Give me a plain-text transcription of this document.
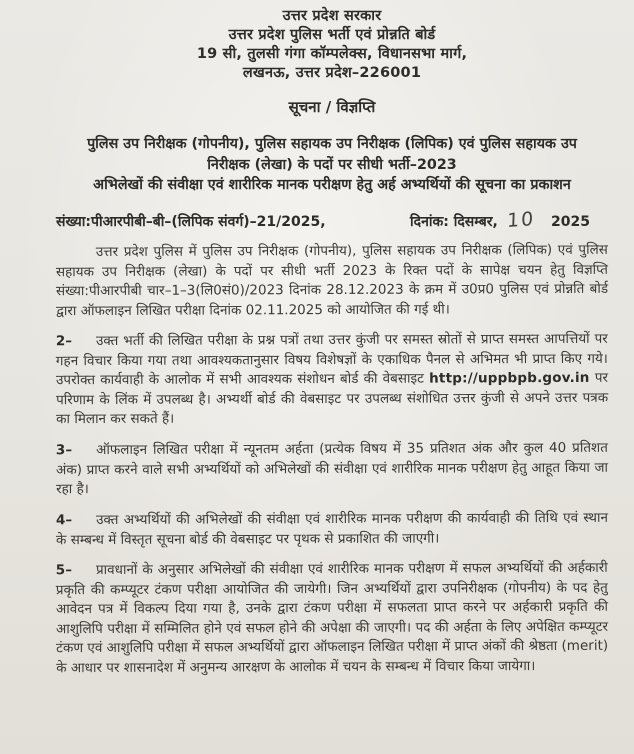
उत्तर प्रदेश सरकार
उत्तर प्रदेश पुलिस भर्ती एवं प्रोन्नति बोर्ड
19 सी, तुलसी गंगा कॉम्पलेक्स, विधानसभा मार्ग,
लखनऊ, उत्तर प्रदेश–226001
सूचना / विज्ञप्ति
पुलिस उप निरीक्षक (गोपनीय), पुलिस सहायक उप निरीक्षक (लिपिक) एवं पुलिस सहायक उप
निरीक्षक (लेखा) के पदों पर सीधी भर्ती–2023
अभिलेखों की संवीक्षा एवं शारीरिक मानक परीक्षण हेतु अर्ह अभ्यर्थियों की सूचना का प्रकाशन
संख्या:पीआरपीबी–बी–(लिपिक संवर्ग)–21/2025,	दिनांक: दिसम्बर, 10 2025

उत्तर प्रदेश पुलिस में पुलिस उप निरीक्षक (गोपनीय), पुलिस सहायक उप निरीक्षक (लिपिक) एवं पुलिस सहायक उप निरीक्षक (लेखा) के पदों पर सीधी भर्ती 2023 के रिक्त पदों के सापेक्ष चयन हेतु विज्ञप्ति संख्या:पीआरपीबी चार–1–3(लि0सं0)/2023 दिनांक 28.12.2023 के क्रम में उ0प्र0 पुलिस एवं प्रोन्नति बोर्ड द्वारा ऑफलाइन लिखित परीक्षा दिनांक 02.11.2025 को आयोजित की गई थी।

2– उक्त भर्ती की लिखित परीक्षा के प्रश्न पत्रों तथा उत्तर कुंजी पर समस्त स्रोतों से प्राप्त समस्त आपत्तियों पर गहन विचार किया गया तथा आवश्यकतानुसार विषय विशेषज्ञों के एकाधिक पैनल से अभिमत भी प्राप्त किए गये। उपरोक्त कार्यवाही के आलोक में सभी आवश्यक संशोधन बोर्ड की वेबसाइट http://uppbpb.gov.in पर परिणाम के लिंक में उपलब्ध है। अभ्यर्थी बोर्ड की वेबसाइट पर उपलब्ध संशोधित उत्तर कुंजी से अपने उत्तर पत्रक का मिलान कर सकते हैं।

3– ऑफलाइन लिखित परीक्षा में न्यूनतम अर्हता (प्रत्येक विषय में 35 प्रतिशत अंक और कुल 40 प्रतिशत अंक) प्राप्त करने वाले सभी अभ्यर्थियों को अभिलेखों की संवीक्षा एवं शारीरिक मानक परीक्षण हेतु आहूत किया जा रहा है।

4– उक्त अभ्यर्थियों की अभिलेखों की संवीक्षा एवं शारीरिक मानक परीक्षण की कार्यवाही की तिथि एवं स्थान के सम्बन्ध में विस्तृत सूचना बोर्ड की वेबसाइट पर पृथक से प्रकाशित की जाएगी।

5– प्रावधानों के अनुसार अभिलेखों की संवीक्षा एवं शारीरिक मानक परीक्षण में सफल अभ्यर्थियों की अर्हकारी प्रकृति की कम्प्यूटर टंकण परीक्षा आयोजित की जायेगी। जिन अभ्यर्थियों द्वारा उपनिरीक्षक (गोपनीय) के पद हेतु आवेदन पत्र में विकल्प दिया गया है, उनके द्वारा टंकण परीक्षा में सफलता प्राप्त करने पर अर्हकारी प्रकृति की आशुलिपि परीक्षा में सम्मिलित होने एवं सफल होने की अपेक्षा की जाएगी। पद की अर्हता के लिए अपेक्षित कम्प्यूटर टंकण एवं आशुलिपि परीक्षा में सफल अभ्यर्थियों द्वारा ऑफलाइन लिखित परीक्षा में प्राप्त अंकों की श्रेष्ठता (merit) के आधार पर शासनादेश में अनुमन्य आरक्षण के आलोक में चयन के सम्बन्ध में विचार किया जायेगा।
